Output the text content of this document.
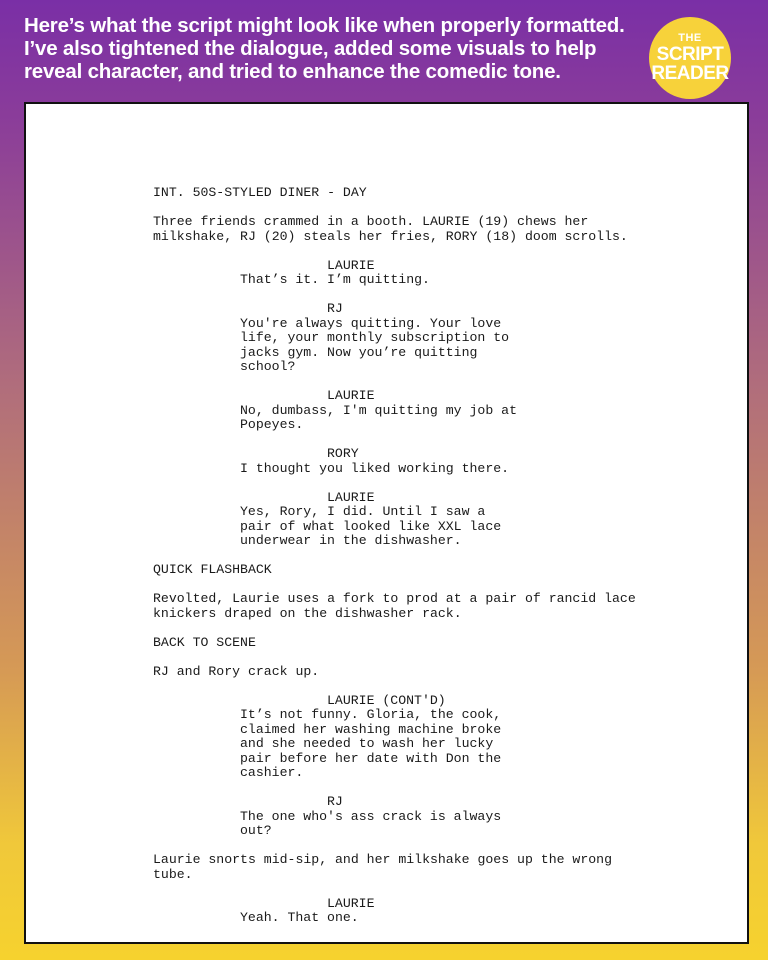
Here’s what the script might look like when properly formatted.
I’ve also tightened the dialogue, added some visuals to help
reveal character, and tried to enhance the comedic tone.
THE
SCRIPT
READER
INT. 50S-STYLED DINER - DAY
Three friends crammed in a booth. LAURIE (19) chews her
milkshake, RJ (20) steals her fries, RORY (18) doom scrolls.
LAURIE
That’s it. I’m quitting.
RJ
You're always quitting. Your love
life, your monthly subscription to
jacks gym. Now you’re quitting
school?
LAURIE
No, dumbass, I'm quitting my job at
Popeyes.
RORY
I thought you liked working there.
LAURIE
Yes, Rory, I did. Until I saw a
pair of what looked like XXL lace
underwear in the dishwasher.
QUICK FLASHBACK
Revolted, Laurie uses a fork to prod at a pair of rancid lace
knickers draped on the dishwasher rack.
BACK TO SCENE
RJ and Rory crack up.
LAURIE (CONT'D)
It’s not funny. Gloria, the cook,
claimed her washing machine broke
and she needed to wash her lucky
pair before her date with Don the
cashier.
RJ
The one who's ass crack is always
out?
Laurie snorts mid-sip, and her milkshake goes up the wrong
tube.
LAURIE
Yeah. That one.
